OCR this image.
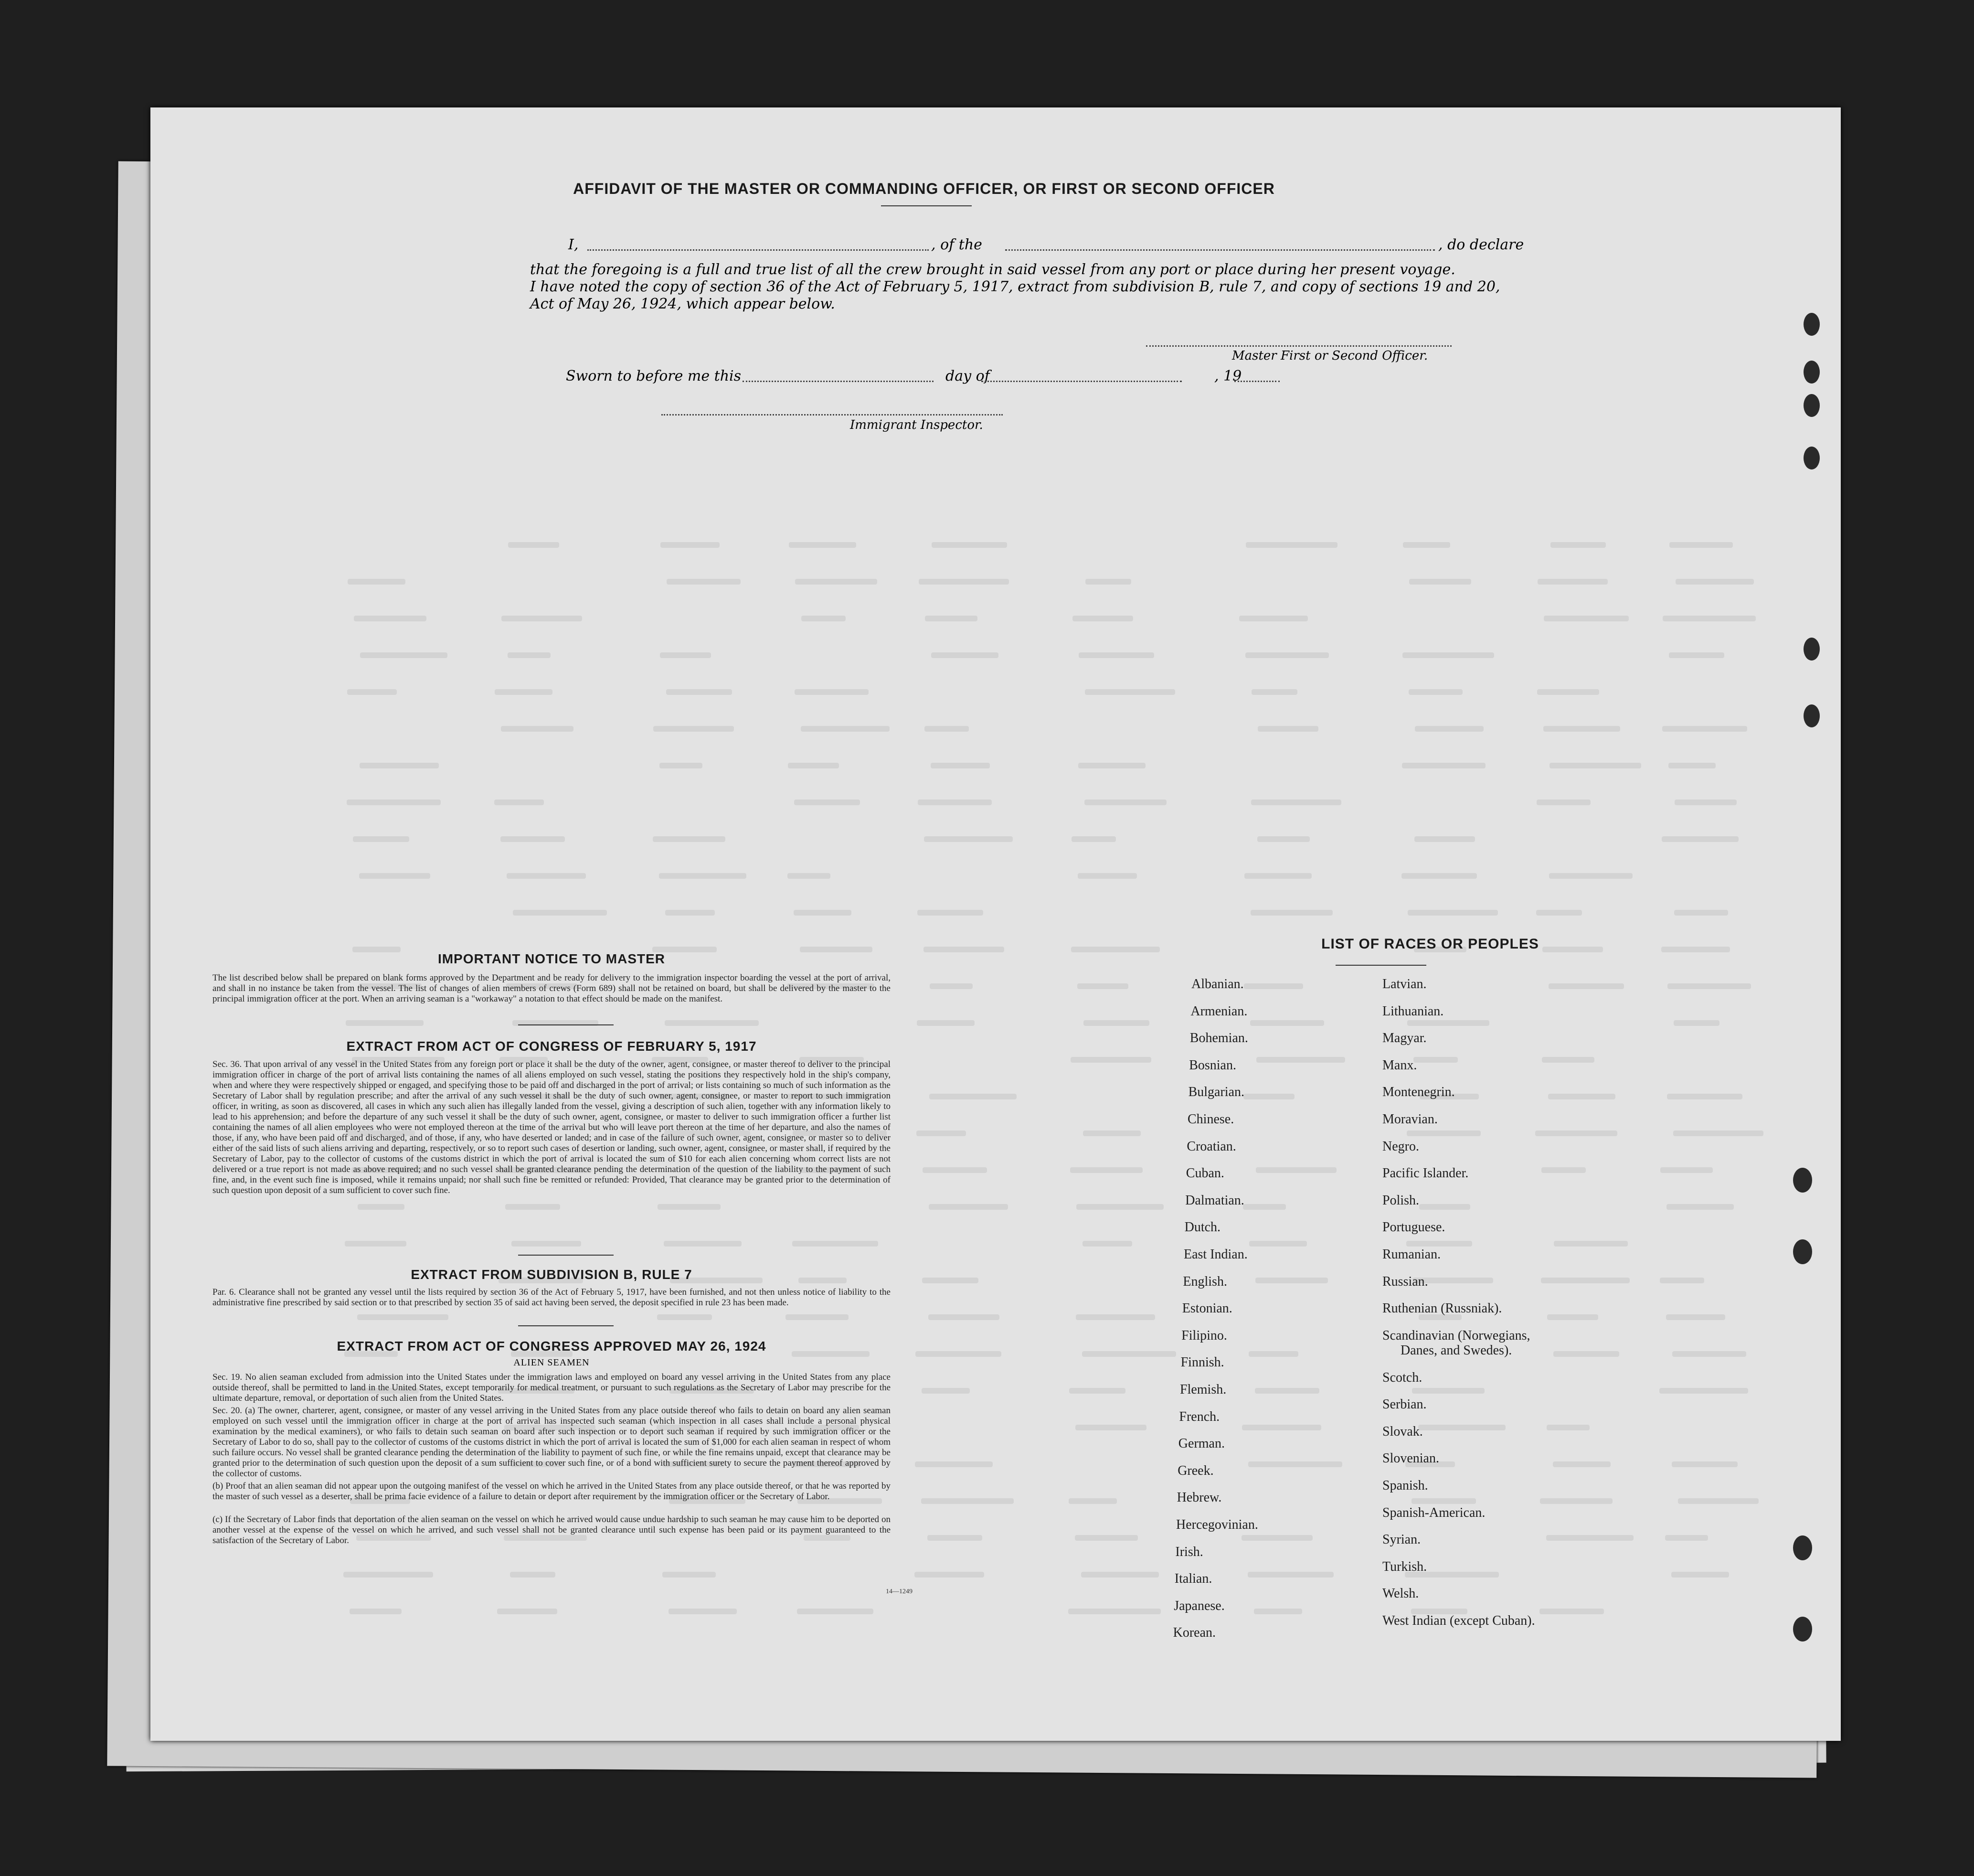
AFFIDAVIT OF THE MASTER OR COMMANDING OFFICER, OR FIRST OR SECOND OFFICER
I,	, of the	, do declare
that the foregoing is a full and true list of all the crew brought in said vessel from any port or place during her present voyage.
I have noted the copy of section 36 of the Act of February 5, 1917, extract from subdivision B, rule 7, and copy of sections 19 and 20,
Act of May 26, 1924, which appear below.
Master First or Second Officer.
Sworn to before me this	day of	, 19
Immigrant Inspector.
IMPORTANT NOTICE TO MASTER
The list described below shall be prepared on blank forms approved by the Department and be ready for delivery to the immigration inspector boarding the vessel at the port of arrival, and shall in no instance be taken from the vessel. The list of changes of alien members of crews (Form 689) shall not be retained on board, but shall be delivered by the master to the principal immigration officer at the port. When an arriving seaman is a "workaway" a notation to that effect should be made on the manifest.
EXTRACT FROM ACT OF CONGRESS OF FEBRUARY 5, 1917
Sec. 36. That upon arrival of any vessel in the United States from any foreign port or place it shall be the duty of the owner, agent, consignee, or master thereof to deliver to the principal immigration officer in charge of the port of arrival lists containing the names of all aliens employed on such vessel, stating the positions they respectively hold in the ship's company, when and where they were respectively shipped or engaged, and specifying those to be paid off and discharged in the port of arrival; or lists containing so much of such information as the Secretary of Labor shall by regulation prescribe; and after the arrival of any such vessel it shall be the duty of such owner, agent, consignee, or master to report to such immigration officer, in writing, as soon as discovered, all cases in which any such alien has illegally landed from the vessel, giving a description of such alien, together with any information likely to lead to his apprehension; and before the departure of any such vessel it shall be the duty of such owner, agent, consignee, or master to deliver to such immigration officer a further list containing the names of all alien employees who were not employed thereon at the time of the arrival but who will leave port thereon at the time of her departure, and also the names of those, if any, who have been paid off and discharged, and of those, if any, who have deserted or landed; and in case of the failure of such owner, agent, consignee, or master so to deliver either of the said lists of such aliens arriving and departing, respectively, or so to report such cases of desertion or landing, such owner, agent, consignee, or master shall, if required by the Secretary of Labor, pay to the collector of customs of the customs district in which the port of arrival is located the sum of $10 for each alien concerning whom correct lists are not delivered or a true report is not made as above required; and no such vessel shall be granted clearance pending the determination of the question of the liability to the payment of such fine, and, in the event such fine is imposed, while it remains unpaid; nor shall such fine be remitted or refunded: Provided, That clearance may be granted prior to the determination of such question upon deposit of a sum sufficient to cover such fine.
EXTRACT FROM SUBDIVISION B, RULE 7
Par. 6. Clearance shall not be granted any vessel until the lists required by section 36 of the Act of February 5, 1917, have been furnished, and not then unless notice of liability to the administrative fine prescribed by said section or to that prescribed by section 35 of said act having been served, the deposit specified in rule 23 has been made.
EXTRACT FROM ACT OF CONGRESS APPROVED MAY 26, 1924
ALIEN SEAMEN
Sec. 19. No alien seaman excluded from admission into the United States under the immigration laws and employed on board any vessel arriving in the United States from any place outside thereof, shall be permitted to land in the United States, except temporarily for medical treatment, or pursuant to such regulations as the Secretary of Labor may prescribe for the ultimate departure, removal, or deportation of such alien from the United States.
Sec. 20. (a) The owner, charterer, agent, consignee, or master of any vessel arriving in the United States from any place outside thereof who fails to detain on board any alien seaman employed on such vessel until the immigration officer in charge at the port of arrival has inspected such seaman (which inspection in all cases shall include a personal physical examination by the medical examiners), or who fails to detain such seaman on board after such inspection or to deport such seaman if required by such immigration officer or the Secretary of Labor to do so, shall pay to the collector of customs of the customs district in which the port of arrival is located the sum of $1,000 for each alien seaman in respect of whom such failure occurs. No vessel shall be granted clearance pending the determination of the liability to payment of such fine, or while the fine remains unpaid, except that clearance may be granted prior to the determination of such question upon the deposit of a sum sufficient to cover such fine, or of a bond with sufficient surety to secure the payment thereof approved by the collector of customs.
(b) Proof that an alien seaman did not appear upon the outgoing manifest of the vessel on which he arrived in the United States from any place outside thereof, or that he was reported by the master of such vessel as a deserter, shall be prima facie evidence of a failure to detain or deport after requirement by the immigration officer or the Secretary of Labor.
(c) If the Secretary of Labor finds that deportation of the alien seaman on the vessel on which he arrived would cause undue hardship to such seaman he may cause him to be deported on another vessel at the expense of the vessel on which he arrived, and such vessel shall not be granted clearance until such expense has been paid or its payment guaranteed to the satisfaction of the Secretary of Labor.
14—1249
LIST OF RACES OR PEOPLES
Albanian.
Armenian.
Bohemian.
Bosnian.
Bulgarian.
Chinese.
Croatian.
Cuban.
Dalmatian.
Dutch.
East Indian.
English.
Estonian.
Filipino.
Finnish.
Flemish.
French.
German.
Greek.
Hebrew.
Hercegovinian.
Irish.
Italian.
Japanese.
Korean.
Latvian.
Lithuanian.
Magyar.
Manx.
Montenegrin.
Moravian.
Negro.
Pacific Islander.
Polish.
Portuguese.
Rumanian.
Russian.
Ruthenian (Russniak).
Scandinavian (Norwegians,
Danes, and Swedes).
Scotch.
Serbian.
Slovak.
Slovenian.
Spanish.
Spanish-American.
Syrian.
Turkish.
Welsh.
West Indian (except Cuban).
